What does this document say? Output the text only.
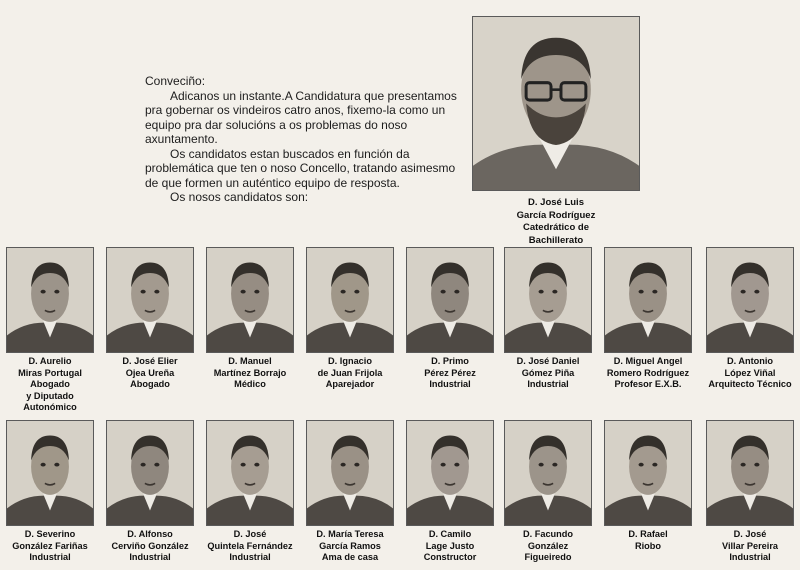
Conveciño:

Adicanos un instante.A Candidatura que presentamos pra gobernar os vindeiros catro anos, fixemo-la como un equipo pra dar solucións a os problemas do noso axuntamento.

Os candidatos estan buscados en función da problemática que ten o noso Concello, tratando asimesmo de que formen un auténtico equipo de resposta.

Os nosos candidatos son:	D. José Luis
García Rodríguez
Catedrático de
Bachillerato
D. Aurelio
Miras Portugal
Abogado
y Diputado
Autonómico
D. José Elier
Ojea Ureña
Abogado
D. Manuel
Martínez Borrajo
Médico
D. Ignacio
de Juan Frijola
Aparejador
D. Primo
Pérez Pérez
Industrial
D. José Daniel
Gómez Piña
Industrial
D. Miguel Angel
Romero Rodríguez
Profesor E.X.B.
D. Antonio
López Viñal
Arquitecto Técnico
D. Severino
González Fariñas
Industrial
D. Alfonso
Cerviño González
Industrial
D. José
Quintela Fernández
Industrial
D. María Teresa
García Ramos
Ama de casa
D. Camilo
Lage Justo
Constructor
D. Facundo
González
Figueiredo
D. Rafael
Riobo
D. José
Villar Pereira
Industrial
